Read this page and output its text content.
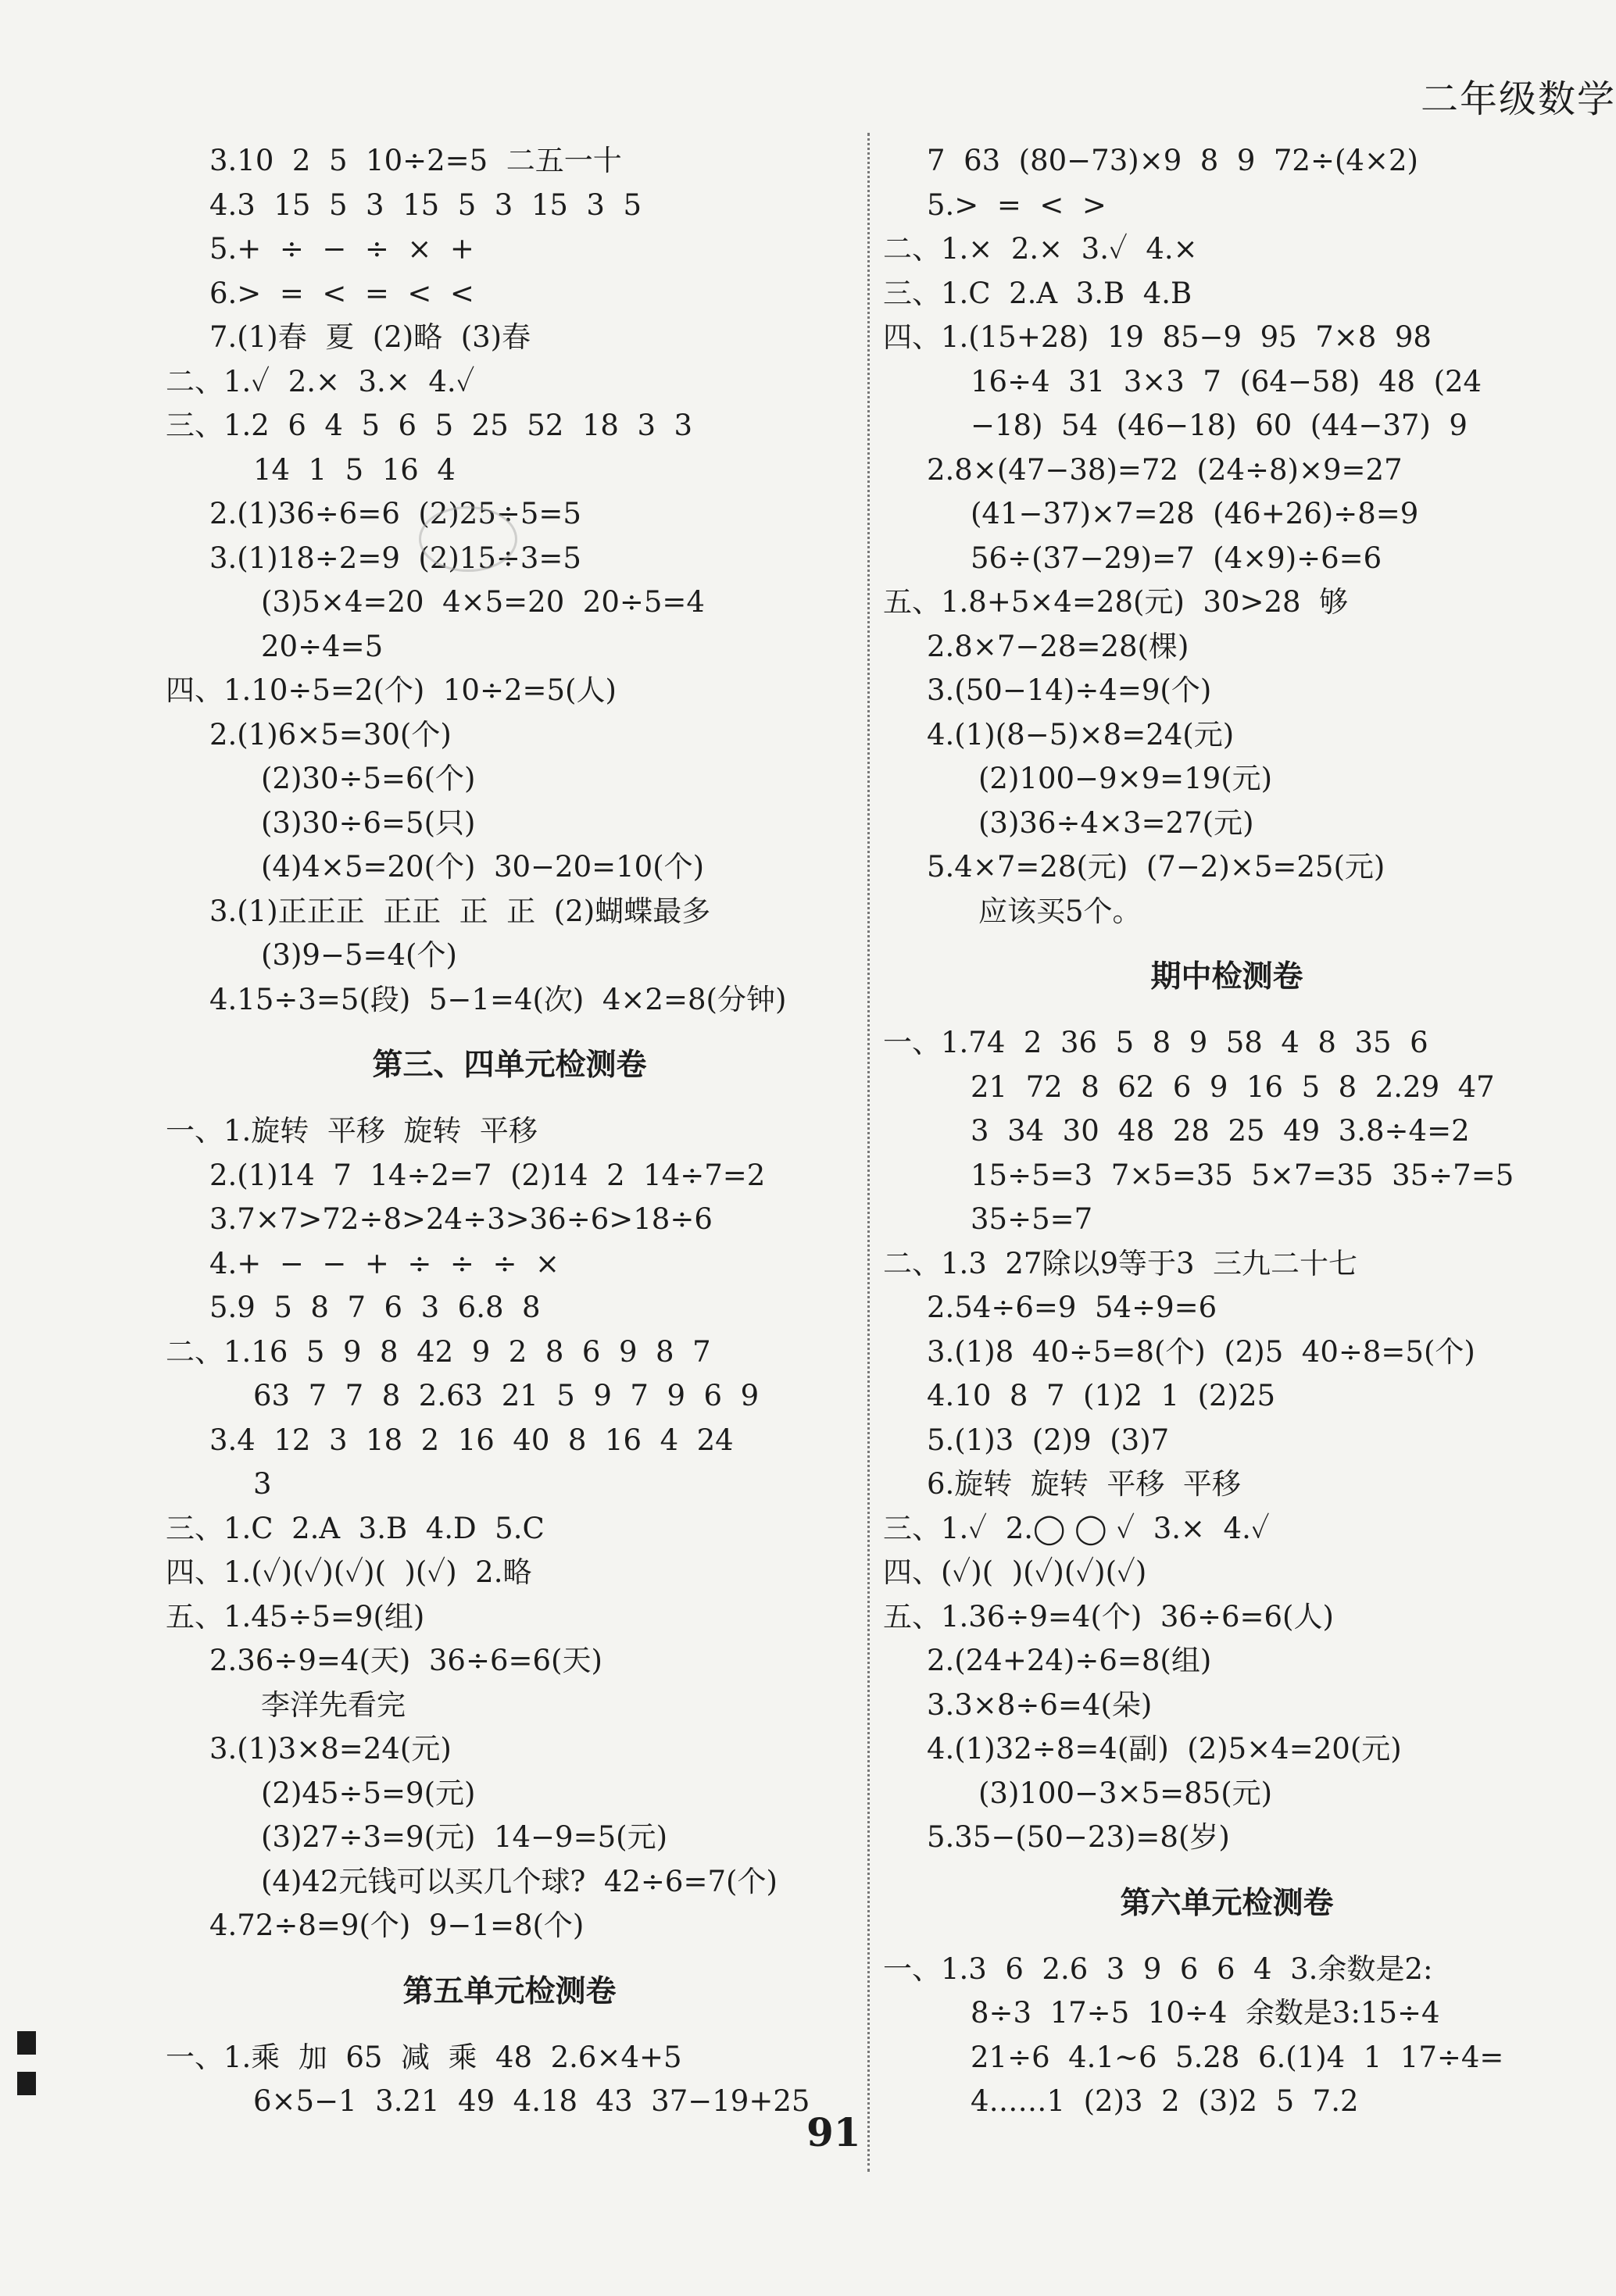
二年级数学
3.10  2  5  10÷2=5  二五一十
4.3  15  5  3  15  5  3  15  3  5
5.+  ÷  −  ÷  ×  +
6.>  =  <  =  <  <
7.(1)春  夏  (2)略  (3)春
二、1.✓  2.×  3.×  4.✓
三、1.2  6  4  5  6  5  25  52  18  3  3
14  1  5  16  4
2.(1)36÷6=6  (2)25÷5=5
3.(1)18÷2=9  (2)15÷3=5
(3)5×4=20  4×5=20  20÷5=4
20÷4=5
四、1.10÷5=2(个)  10÷2=5(人)
2.(1)6×5=30(个)
(2)30÷5=6(个)
(3)30÷6=5(只)
(4)4×5=20(个)  30−20=10(个)
3.(1)正正正  正正  正  正  (2)蝴蝶最多
(3)9−5=4(个)
4.15÷3=5(段)  5−1=4(次)  4×2=8(分钟)
第三、四单元检测卷
一、1.旋转  平移  旋转  平移
2.(1)14  7  14÷2=7  (2)14  2  14÷7=2
3.7×7>72÷8>24÷3>36÷6>18÷6
4.+  −  −  +  ÷  ÷  ÷  ×
5.9  5  8  7  6  3  6.8  8
二、1.16  5  9  8  42  9  2  8  6  9  8  7
63  7  7  8  2.63  21  5  9  7  9  6  9
3.4  12  3  18  2  16  40  8  16  4  24
3
三、1.C  2.A  3.B  4.D  5.C
四、1.(✓)(✓)(✓)(  )(✓)  2.略
五、1.45÷5=9(组)
2.36÷9=4(天)  36÷6=6(天)
李洋先看完
3.(1)3×8=24(元)
(2)45÷5=9(元)
(3)27÷3=9(元)  14−9=5(元)
(4)42元钱可以买几个球?  42÷6=7(个)
4.72÷8=9(个)  9−1=8(个)
第五单元检测卷
一、1.乘  加  65  减  乘  48  2.6×4+5
6×5−1  3.21  49  4.18  43  37−19+25
7  63  (80−73)×9  8  9  72÷(4×2)
5.>  =  <  >
二、1.×  2.×  3.✓  4.×
三、1.C  2.A  3.B  4.B
四、1.(15+28)  19  85−9  95  7×8  98
16÷4  31  3×3  7  (64−58)  48  (24
−18)  54  (46−18)  60  (44−37)  9
2.8×(47−38)=72  (24÷8)×9=27
(41−37)×7=28  (46+26)÷8=9
56÷(37−29)=7  (4×9)÷6=6
五、1.8+5×4=28(元)  30>28  够
2.8×7−28=28(棵)
3.(50−14)÷4=9(个)
4.(1)(8−5)×8=24(元)
(2)100−9×9=19(元)
(3)36÷4×3=27(元)
5.4×7=28(元)  (7−2)×5=25(元)
应该买5个。
期中检测卷
一、1.74  2  36  5  8  9  58  4  8  35  6
21  72  8  62  6  9  16  5  8  2.29  47
3  34  30  48  28  25  49  3.8÷4=2
15÷5=3  7×5=35  5×7=35  35÷7=5
35÷5=7
二、1.3  27除以9等于3  三九二十七
2.54÷6=9  54÷9=6
3.(1)8  40÷5=8(个)  (2)5  40÷8=5(个)
4.10  8  7  (1)2  1  (2)25
5.(1)3  (2)9  (3)7
6.旋转  旋转  平移  平移
三、1.✓  2.◯ ◯ ✓  3.×  4.✓
四、(✓)(  )(✓)(✓)(✓)
五、1.36÷9=4(个)  36÷6=6(人)
2.(24+24)÷6=8(组)
3.3×8÷6=4(朵)
4.(1)32÷8=4(副)  (2)5×4=20(元)
(3)100−3×5=85(元)
5.35−(50−23)=8(岁)
第六单元检测卷
一、1.3  6  2.6  3  9  6  6  4  3.余数是2:
8÷3  17÷5  10÷4  余数是3:15÷4
21÷6  4.1~6  5.28  6.(1)4  1  17÷4=
4……1  (2)3  2  (3)2  5  7.2
91
